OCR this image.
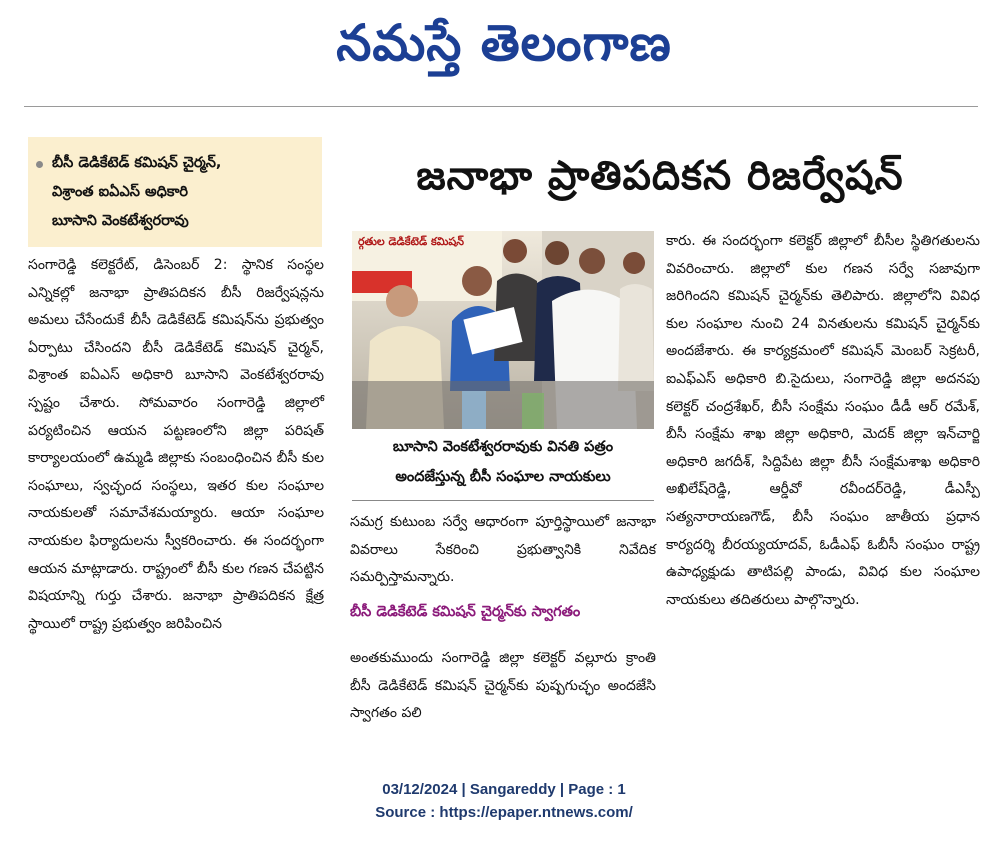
నమస్తే తెలంగాణ
బీసీ డెడికేటెడ్ కమిషన్ చైర్మన్,
విశ్రాంత ఐఏఎస్ అధికారి
బూసాని వెంకటేశ్వరరావు
జనాభా ప్రాతిపదికన రిజర్వేషన్

సంగారెడ్డి కలెక్టరేట్, డిసెంబర్ 2: స్థానిక సంస్థల ఎన్నికల్లో జనాభా ప్రాతిపదికన బీసీ రిజర్వేషన్లను అమలు చేసేందుకే బీసీ డెడికేటెడ్ కమిషన్‌ను ప్రభుత్వం ఏర్పాటు చేసిందని బీసీ డెడికేటెడ్ కమిషన్ చైర్మన్, విశ్రాంత ఐఏఎస్ అధికారి బూసాని వెంకటేశ్వరరావు స్పష్టం చేశారు. సోమవారం సంగారెడ్డి జిల్లాలో పర్యటించిన ఆయన పట్టణంలోని జిల్లా పరిషత్ కార్యాలయంలో ఉమ్మడి జిల్లాకు సంబంధించిన బీసీ కుల సంఘాలు, స్వచ్ఛంద సంస్థలు, ఇతర కుల సంఘాల నాయకులతో సమావేశమయ్యారు. ఆయా సంఘాల నాయకుల ఫిర్యాదులను స్వీకరించారు. ఈ సందర్భంగా ఆయన మాట్లాడారు. రాష్ట్రంలో బీసీ కుల గణన చేపట్టిన విషయాన్ని గుర్తు చేశారు. జనాభా ప్రాతిపదికన క్షేత్ర స్థాయిలో రాష్ట్ర ప్రభుత్వం జరిపించిన

ర్గతుల డెడికేటెడ్ కమిషన్
బూసాని వెంకటేశ్వరరావుకు వినతి పత్రం
అందజేస్తున్న బీసీ సంఘాల నాయకులు

సమగ్ర కుటుంబ సర్వే ఆధారంగా పూర్తిస్థాయిలో జనాభా వివరాలు సేకరించి ప్రభుత్వానికి నివేదిక సమర్పిస్తామన్నారు.

బీసీ డెడికేటెడ్ కమిషన్ చైర్మన్‌కు స్వాగతం

అంతకుముందు సంగారెడ్డి జిల్లా కలెక్టర్ వల్లూరు క్రాంతి బీసీ డెడికేటెడ్ కమిషన్ చైర్మన్‌కు పుష్పగుచ్ఛం అందజేసి స్వాగతం పలి

కారు. ఈ సందర్భంగా కలెక్టర్ జిల్లాలో బీసీల స్థితిగతులను వివరించారు. జిల్లాలో కుల గణన సర్వే సజావుగా జరిగిందని కమిషన్ చైర్మన్‌కు తెలిపారు. జిల్లాలోని వివిధ కుల సంఘాల నుంచి 24 వినతులను కమిషన్ చైర్మన్‌కు అందజేశారు. ఈ కార్యక్రమంలో కమిషన్ మెంబర్ సెక్రటరీ, ఐఎఫ్ఎస్ అధికారి బి.సైదులు, సంగారెడ్డి జిల్లా అదనపు కలెక్టర్ చంద్రశేఖర్, బీసీ సంక్షేమ సంఘం డీడీ ఆర్ రమేశ్, బీసీ సంక్షేమ శాఖ జిల్లా అధికారి, మెదక్ జిల్లా ఇన్‌చార్జి అధికారి జగదీశ్, సిద్దిపేట జిల్లా బీసీ సంక్షేమశాఖ అధికారి అఖిలేష్‌రెడ్డి, ఆర్డీవో రవీందర్‌రెడ్డి, డీఎస్పీ సత్యనారాయణగౌడ్, బీసీ సంఘం జాతీయ ప్రధాన కార్యదర్శి బీరయ్యయాదవ్, ఓడీఎఫ్ ఓబీసీ సంఘం రాష్ట్ర ఉపాధ్యక్షుడు తాటిపల్లి పాండు, వివిధ కుల సంఘాల నాయకులు తదితరులు పాల్గొన్నారు.

03/12/2024 | Sangareddy | Page : 1
Source : https://epaper.ntnews.com/
